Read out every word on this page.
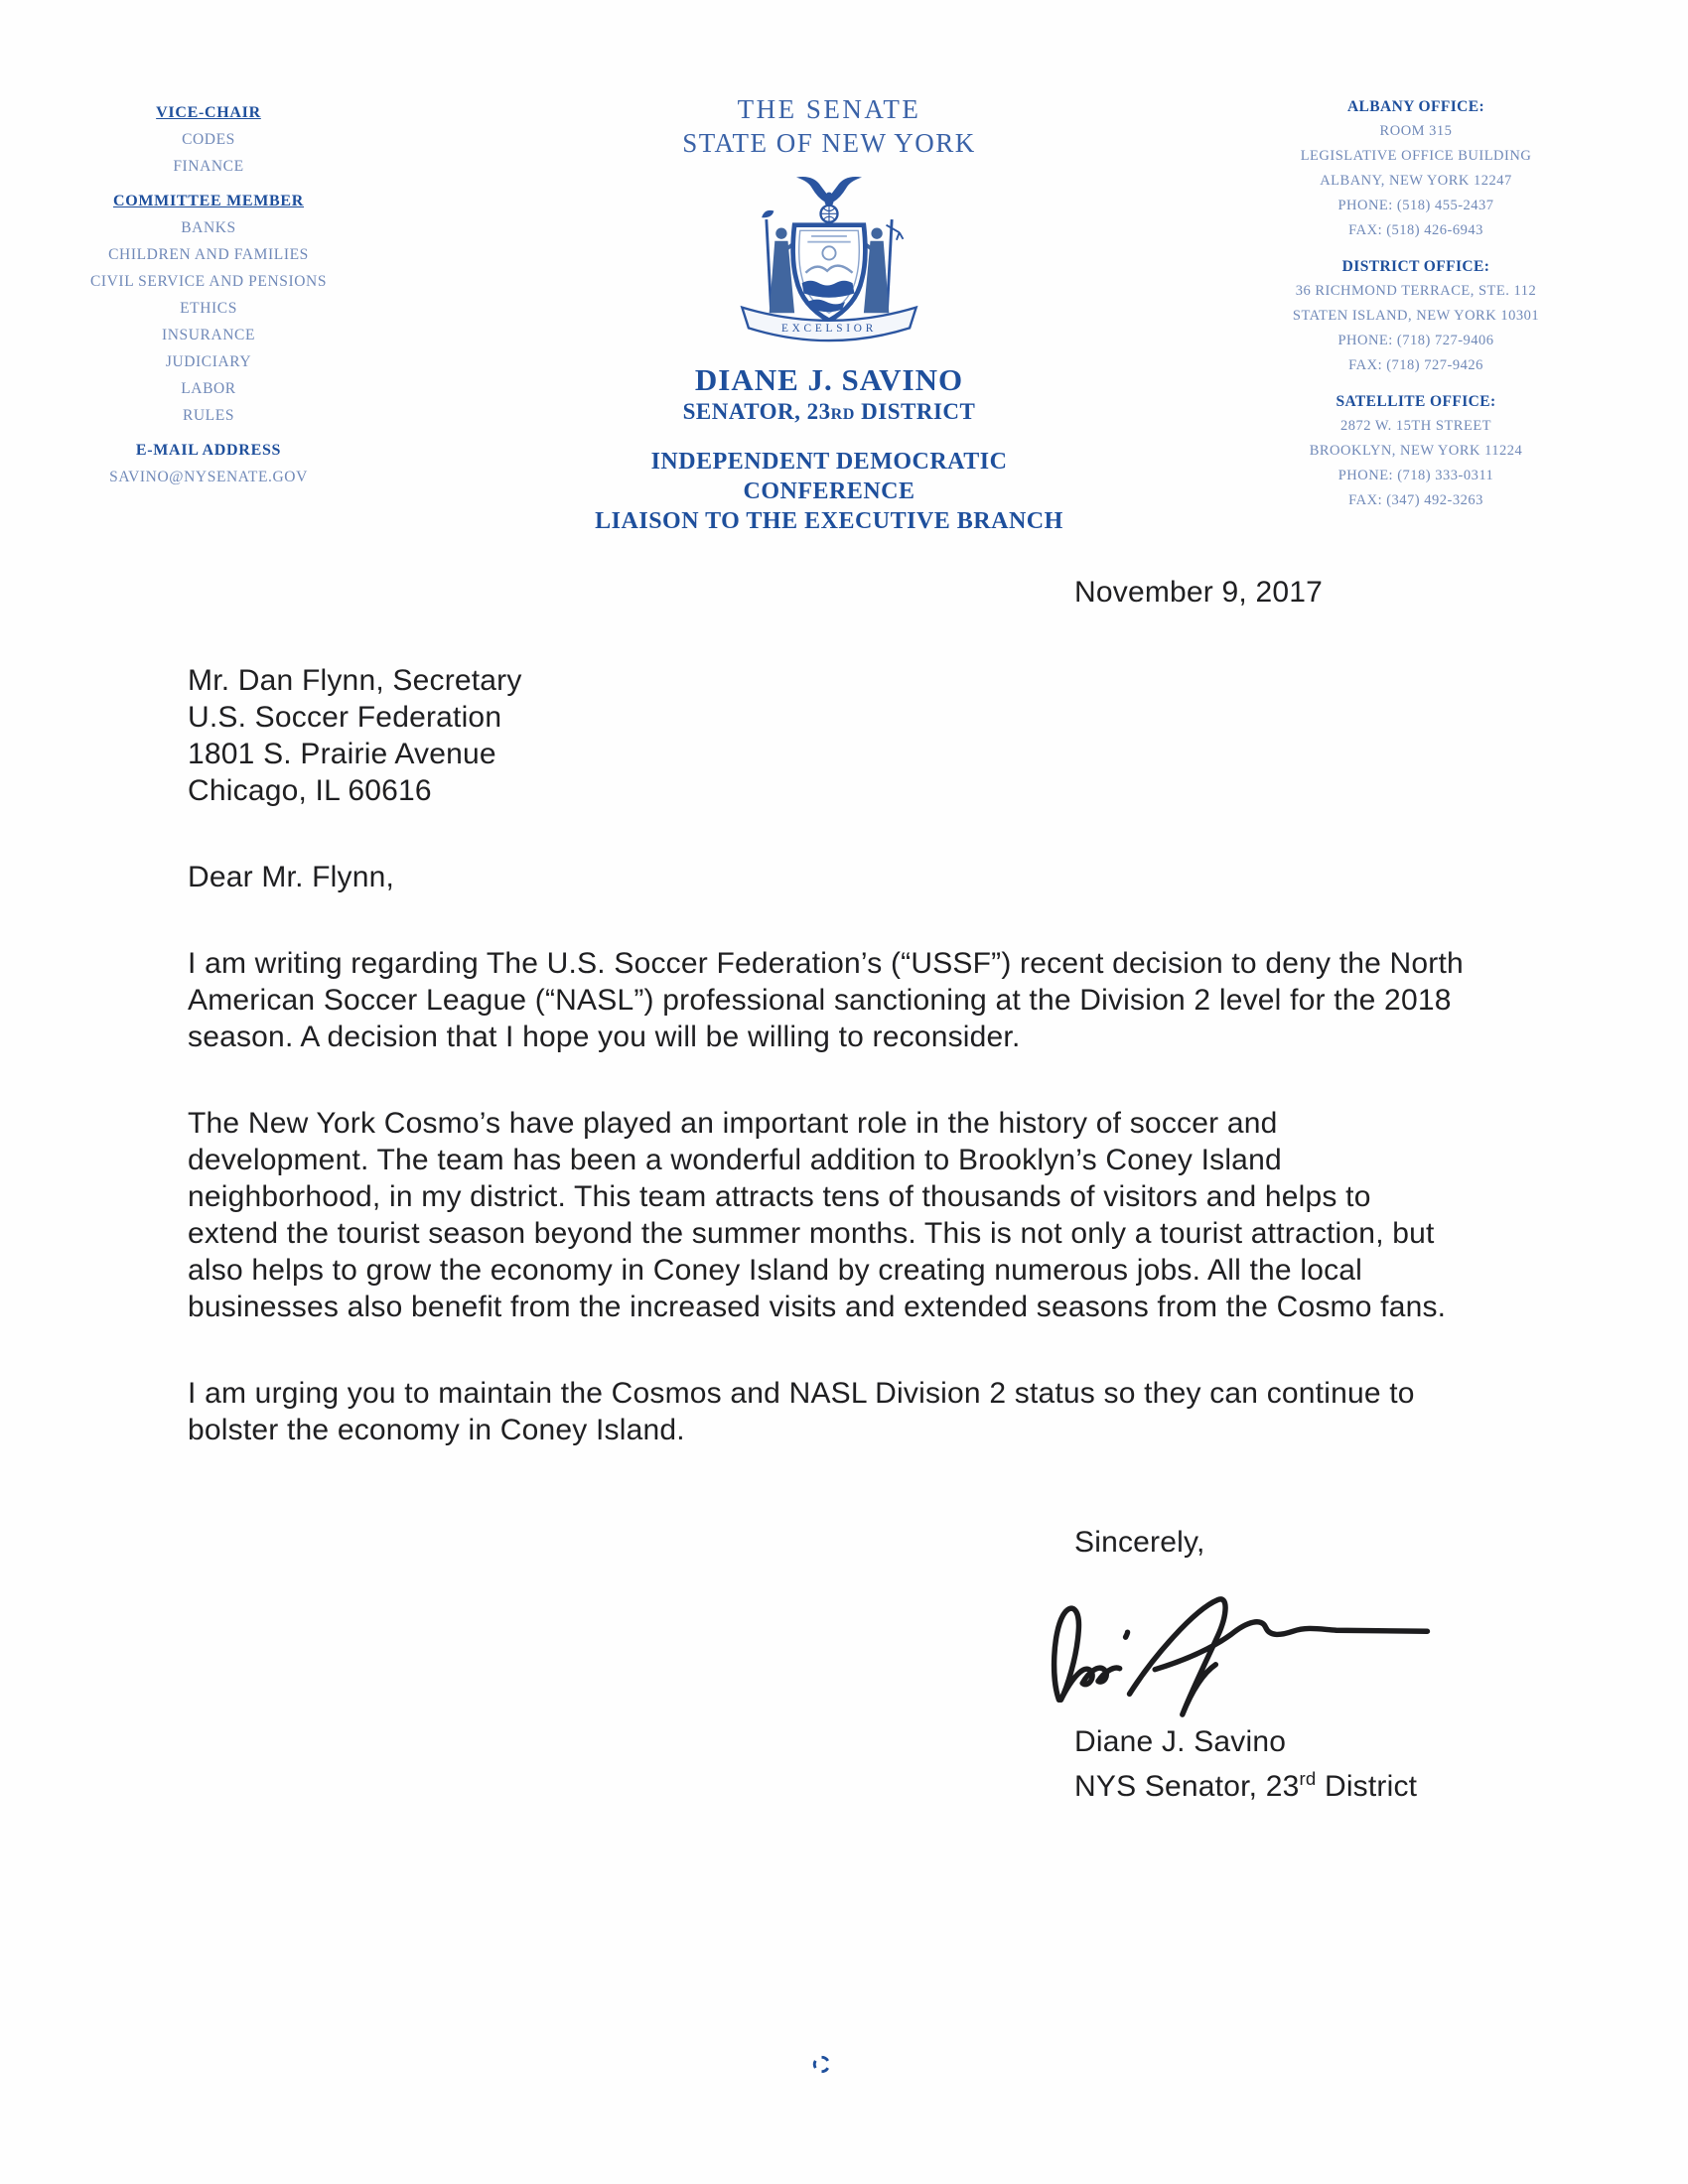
VICE-CHAIR
CODES
FINANCE
COMMITTEE MEMBER
BANKS
CHILDREN AND FAMILIES
CIVIL SERVICE AND PENSIONS
ETHICS
INSURANCE
JUDICIARY
LABOR
RULES
E-MAIL ADDRESS
SAVINO@NYSENATE.GOV
THE SENATE
STATE OF NEW YORK
EXCELSIOR
DIANE J. SAVINO
SENATOR, 23RD DISTRICT
INDEPENDENT DEMOCRATIC CONFERENCE
LIAISON TO THE EXECUTIVE BRANCH
ALBANY OFFICE:
ROOM 315
LEGISLATIVE OFFICE BUILDING
ALBANY, NEW YORK 12247
PHONE: (518) 455-2437
FAX: (518) 426-6943
DISTRICT OFFICE:
36 RICHMOND TERRACE, STE. 112
STATEN ISLAND, NEW YORK 10301
PHONE: (718) 727-9406
FAX: (718) 727-9426
SATELLITE OFFICE:
2872 W. 15TH STREET
BROOKLYN, NEW YORK 11224
PHONE: (718) 333-0311
FAX: (347) 492-3263
November 9, 2017
Mr. Dan Flynn, Secretary
U.S. Soccer Federation
1801 S. Prairie Avenue
Chicago, IL 60616
Dear Mr. Flynn,

I am writing regarding The U.S. Soccer Federation’s (“USSF”) recent decision to deny the North American Soccer League (“NASL”) professional sanctioning at the Division 2 level for the 2018 season. A decision that I hope you will be willing to reconsider.

The New York Cosmo’s have played an important role in the history of soccer and development. The team has been a wonderful addition to Brooklyn’s Coney Island neighborhood, in my district. This team attracts tens of thousands of visitors and helps to extend the tourist season beyond the summer months. This is not only a tourist attraction, but also helps to grow the economy in Coney Island by creating numerous jobs. All the local businesses also benefit from the increased visits and extended seasons from the Cosmo fans.

I am urging you to maintain the Cosmos and NASL Division 2 status so they can continue to bolster the economy in Coney Island.

Sincerely,
Diane J. Savino
NYS Senator, 23rd District
